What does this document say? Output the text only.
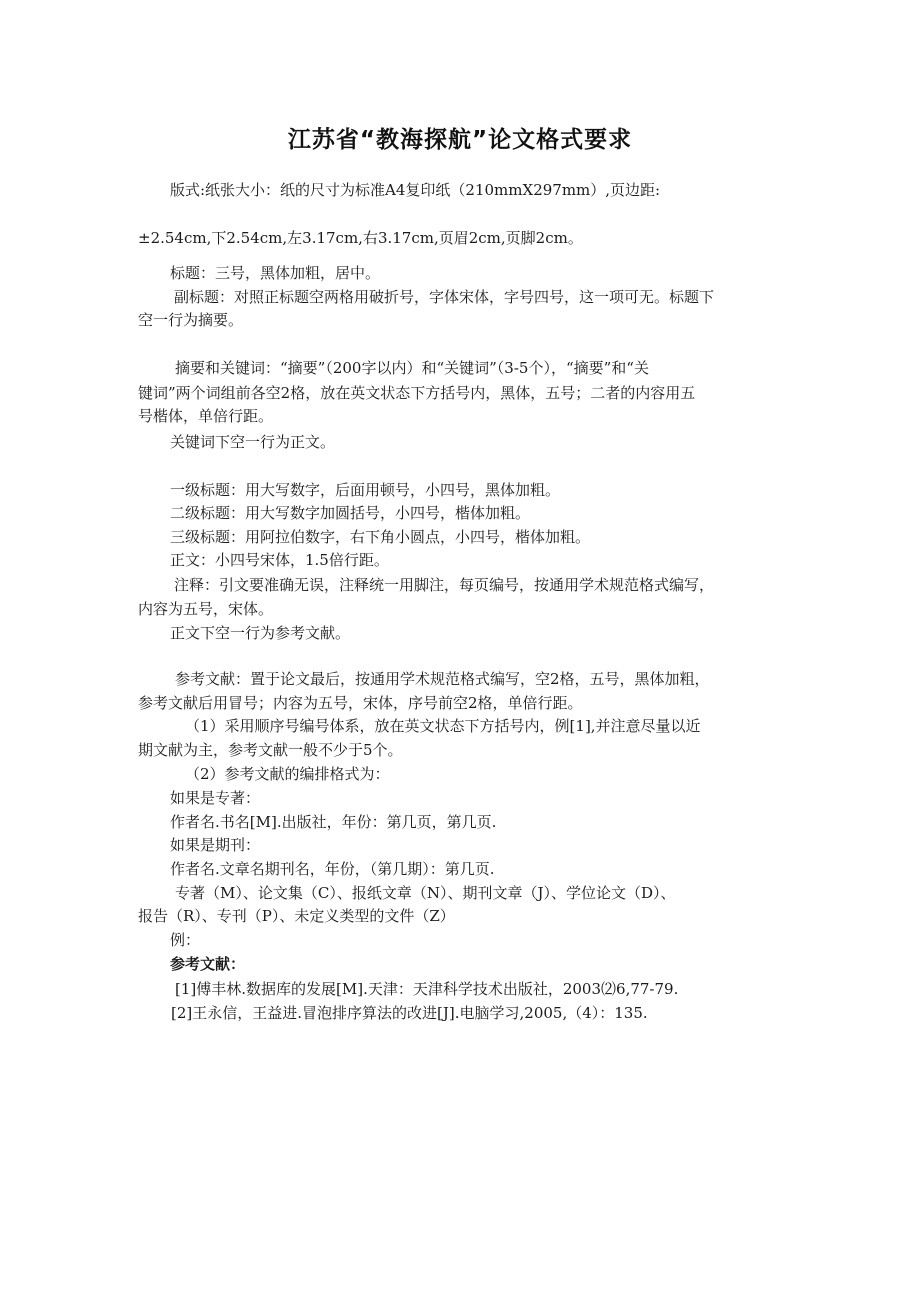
江苏省“教海探航”论文格式要求
版式:纸张大小：纸的尺寸为标准A4复印纸（210mmX297mm）,页边距:
±2.54cm,下2.54cm,左3.17cm,右3.17cm,页眉2cm,页脚2cm。
标题：三号，黑体加粗，居中。
副标题：对照正标题空两格用破折号，字体宋体，字号四号，这一项可无。标题下
空一行为摘要。
摘要和关键词：“摘要”（200字以内）和“关键词”（3-5个），“摘要”和“关
键词”两个词组前各空2格，放在英文状态下方括号内，黑体，五号；二者的内容用五
号楷体，单倍行距。
关键词下空一行为正文。
一级标题：用大写数字，后面用顿号，小四号，黑体加粗。
二级标题：用大写数字加圆括号，小四号，楷体加粗。
三级标题：用阿拉伯数字，右下角小圆点，小四号，楷体加粗。
正文：小四号宋体，1.5倍行距。
注释：引文要准确无误，注释统一用脚注，每页编号，按通用学术规范格式编写，
内容为五号，宋体。
正文下空一行为参考文献。
参考文献：置于论文最后，按通用学术规范格式编写，空2格，五号，黑体加粗，
参考文献后用冒号；内容为五号，宋体，序号前空2格，单倍行距。
（1）采用顺序号编号体系，放在英文状态下方括号内，例[1],并注意尽量以近
期文献为主，参考文献一般不少于5个。
（2）参考文献的编排格式为：
如果是专著：
作者名.书名[M].出版社，年份：第几页，第几页.
如果是期刊：
作者名.文章名期刊名，年份，（第几期）：第几页.
专著（M）、论文集（C）、报纸文章（N）、期刊文章（J）、学位论文（D）、
报告（R）、专刊（P）、未定义类型的文件（Z）
例：
参考文献：
[1]傅丰林.数据库的发展[M].天津：天津科学技术出版社，2003⑵6,77-79.
[2]王永信，王益进.冒泡排序算法的改进[J].电脑学习,2005,（4）：135.
